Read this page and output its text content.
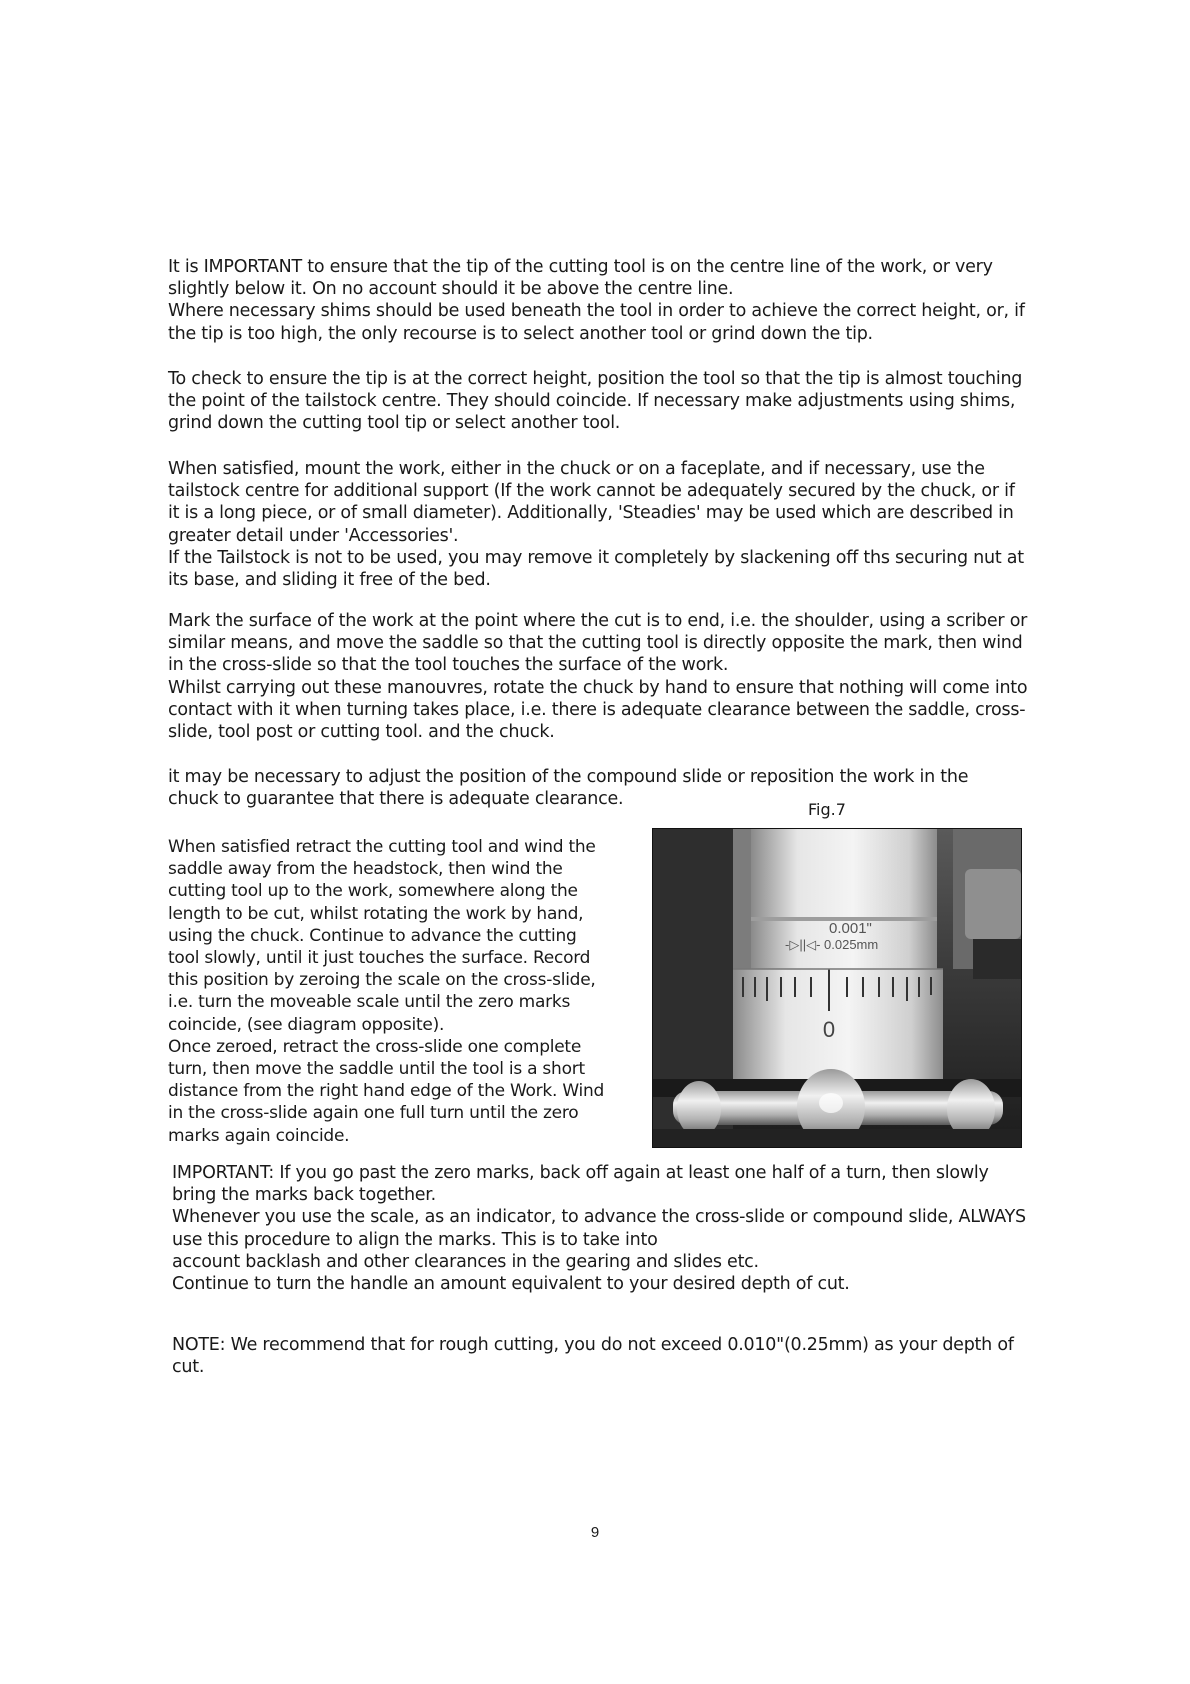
It is IMPORTANT to ensure that the tip of the cutting tool is on the centre line of the work, or very slightly below it. On no account should it be above the centre line.

Where necessary shims should be used beneath the tool in order to achieve the correct height, or, if the tip is too high, the only recourse is to select another tool or grind down the tip.

To check to ensure the tip is at the correct height, position the tool so that the tip is almost touching the point of the tailstock centre. They should coincide. If necessary make adjustments using shims, grind down the cutting tool tip or select another tool.

When satisfied, mount the work, either in the chuck or on a faceplate, and if necessary, use the tailstock centre for additional support (If the work cannot be adequately secured by the chuck, or if it is a long piece, or of small diameter). Additionally, 'Steadies' may be used which are described in greater detail under 'Accessories'.

If the Tailstock is not to be used, you may remove it completely by slackening off ths securing nut at its base, and sliding it free of the bed.

Mark the surface of the work at the point where the cut is to end, i.e. the shoulder, using a scriber or similar means, and move the saddle so that the cutting tool is directly opposite the mark, then wind in the cross-slide so that the tool touches the surface of the work.

Whilst carrying out these manouvres, rotate the chuck by hand to ensure that nothing will come into contact with it when turning takes place, i.e. there is adequate clearance between the saddle, cross-slide, tool post or cutting tool. and the chuck.

it may be necessary to adjust the position of the compound slide or reposition the work in the chuck to guarantee that there is adequate clearance.

Fig.7

When satisfied retract the cutting tool and wind the saddle away from the headstock, then wind the cutting tool up to the work, somewhere along the length to be cut, whilst rotating the work by hand, using the chuck. Continue to advance the cutting tool slowly, until it just touches the surface. Record this position by zeroing the scale on the cross-slide, i.e. turn the moveable scale until the zero marks coincide, (see diagram opposite).

Once zeroed, retract the cross-slide one complete turn, then move the saddle until the tool is a short distance from the right hand edge of the Work. Wind in the cross-slide again one full turn until the zero marks again coincide.

0.001"
-▷||◁- 0.025mm
0

IMPORTANT: If you go past the zero marks, back off again at least one half of a turn, then slowly bring the marks back together.

Whenever you use the scale, as an indicator, to advance the cross-slide or compound slide, ALWAYS use this procedure to align the marks. This is to take into

account backlash and other clearances in the gearing and slides etc.

Continue to turn the handle an amount equivalent to your desired depth of cut.

NOTE: We recommend that for rough cutting, you do not exceed 0.010"(0.25mm) as your depth of cut.

9
